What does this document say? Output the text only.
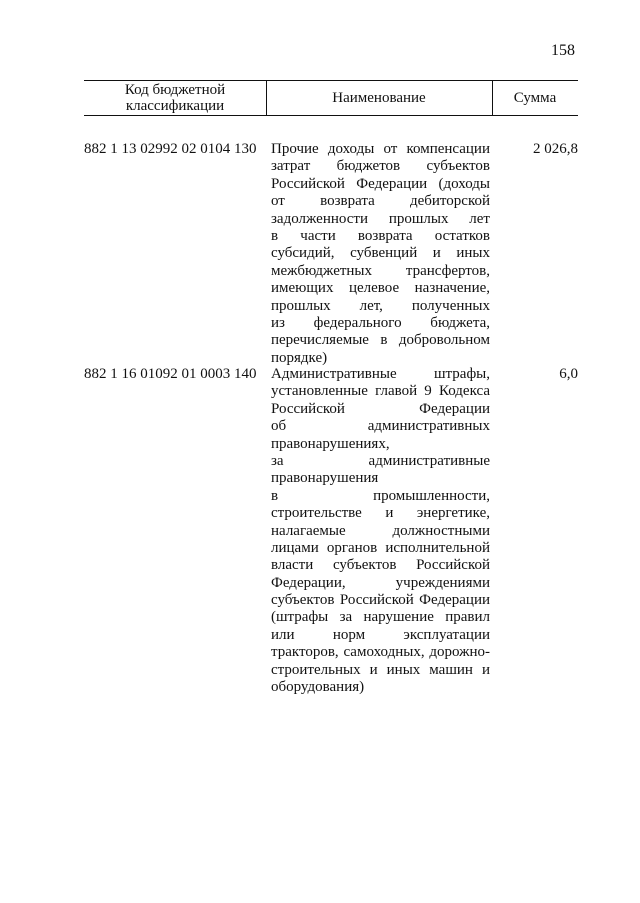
158
Код бюджетной классификации	Наименование	Сумма
882 1 13 02992 02 0104 130 Прочие доходы от компенсации
затрат бюджетов субъектов
Российской Федерации (доходы
от возврата дебиторской
задолженности прошлых лет
в части возврата остатков
субсидий, субвенций и иных
межбюджетных трансфертов,
имеющих целевое назначение,
прошлых лет, полученных
из федерального бюджета,
перечисляемые в добровольном
порядке)
2 026,8
882 1 16 01092 01 0003 140 Административные штрафы,
установленные главой 9 Кодекса
Российской Федерации
об административных
правонарушениях,
за административные
правонарушения
в промышленности,
строительстве и энергетике,
налагаемые должностными
лицами органов исполнительной
власти субъектов Российской
Федерации, учреждениями
субъектов Российской Федерации
(штрафы за нарушение правил
или норм эксплуатации
тракторов, самоходных, дорожно-
строительных и иных машин и
оборудования)
6,0
